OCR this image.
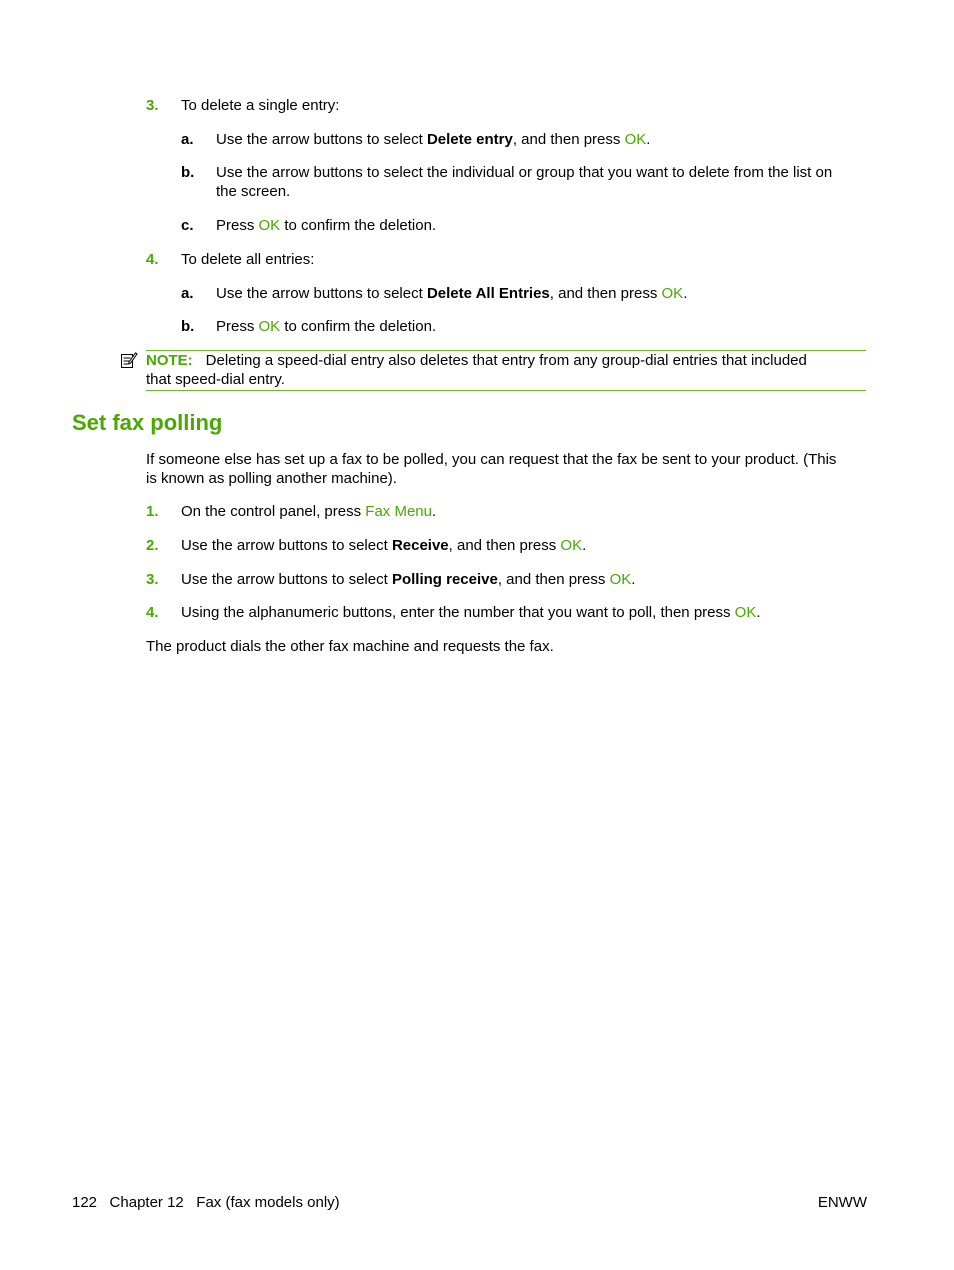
3. To delete a single entry:
a. Use the arrow buttons to select Delete entry, and then press OK.
b. Use the arrow buttons to select the individual or group that you want to delete from the list on
the screen.
c. Press OK to confirm the deletion.
4. To delete all entries:
a. Use the arrow buttons to select Delete All Entries, and then press OK.
b. Press OK to confirm the deletion.
NOTE: Deleting a speed-dial entry also deletes that entry from any group-dial entries that included
that speed-dial entry.
Set fax polling
If someone else has set up a fax to be polled, you can request that the fax be sent to your product. (This
is known as polling another machine).
1. On the control panel, press Fax Menu.
2. Use the arrow buttons to select Receive, and then press OK.
3. Use the arrow buttons to select Polling receive, and then press OK.
4. Using the alphanumeric buttons, enter the number that you want to poll, then press OK.
The product dials the other fax machine and requests the fax.
122 Chapter 12 Fax (fax models only)	ENWW
